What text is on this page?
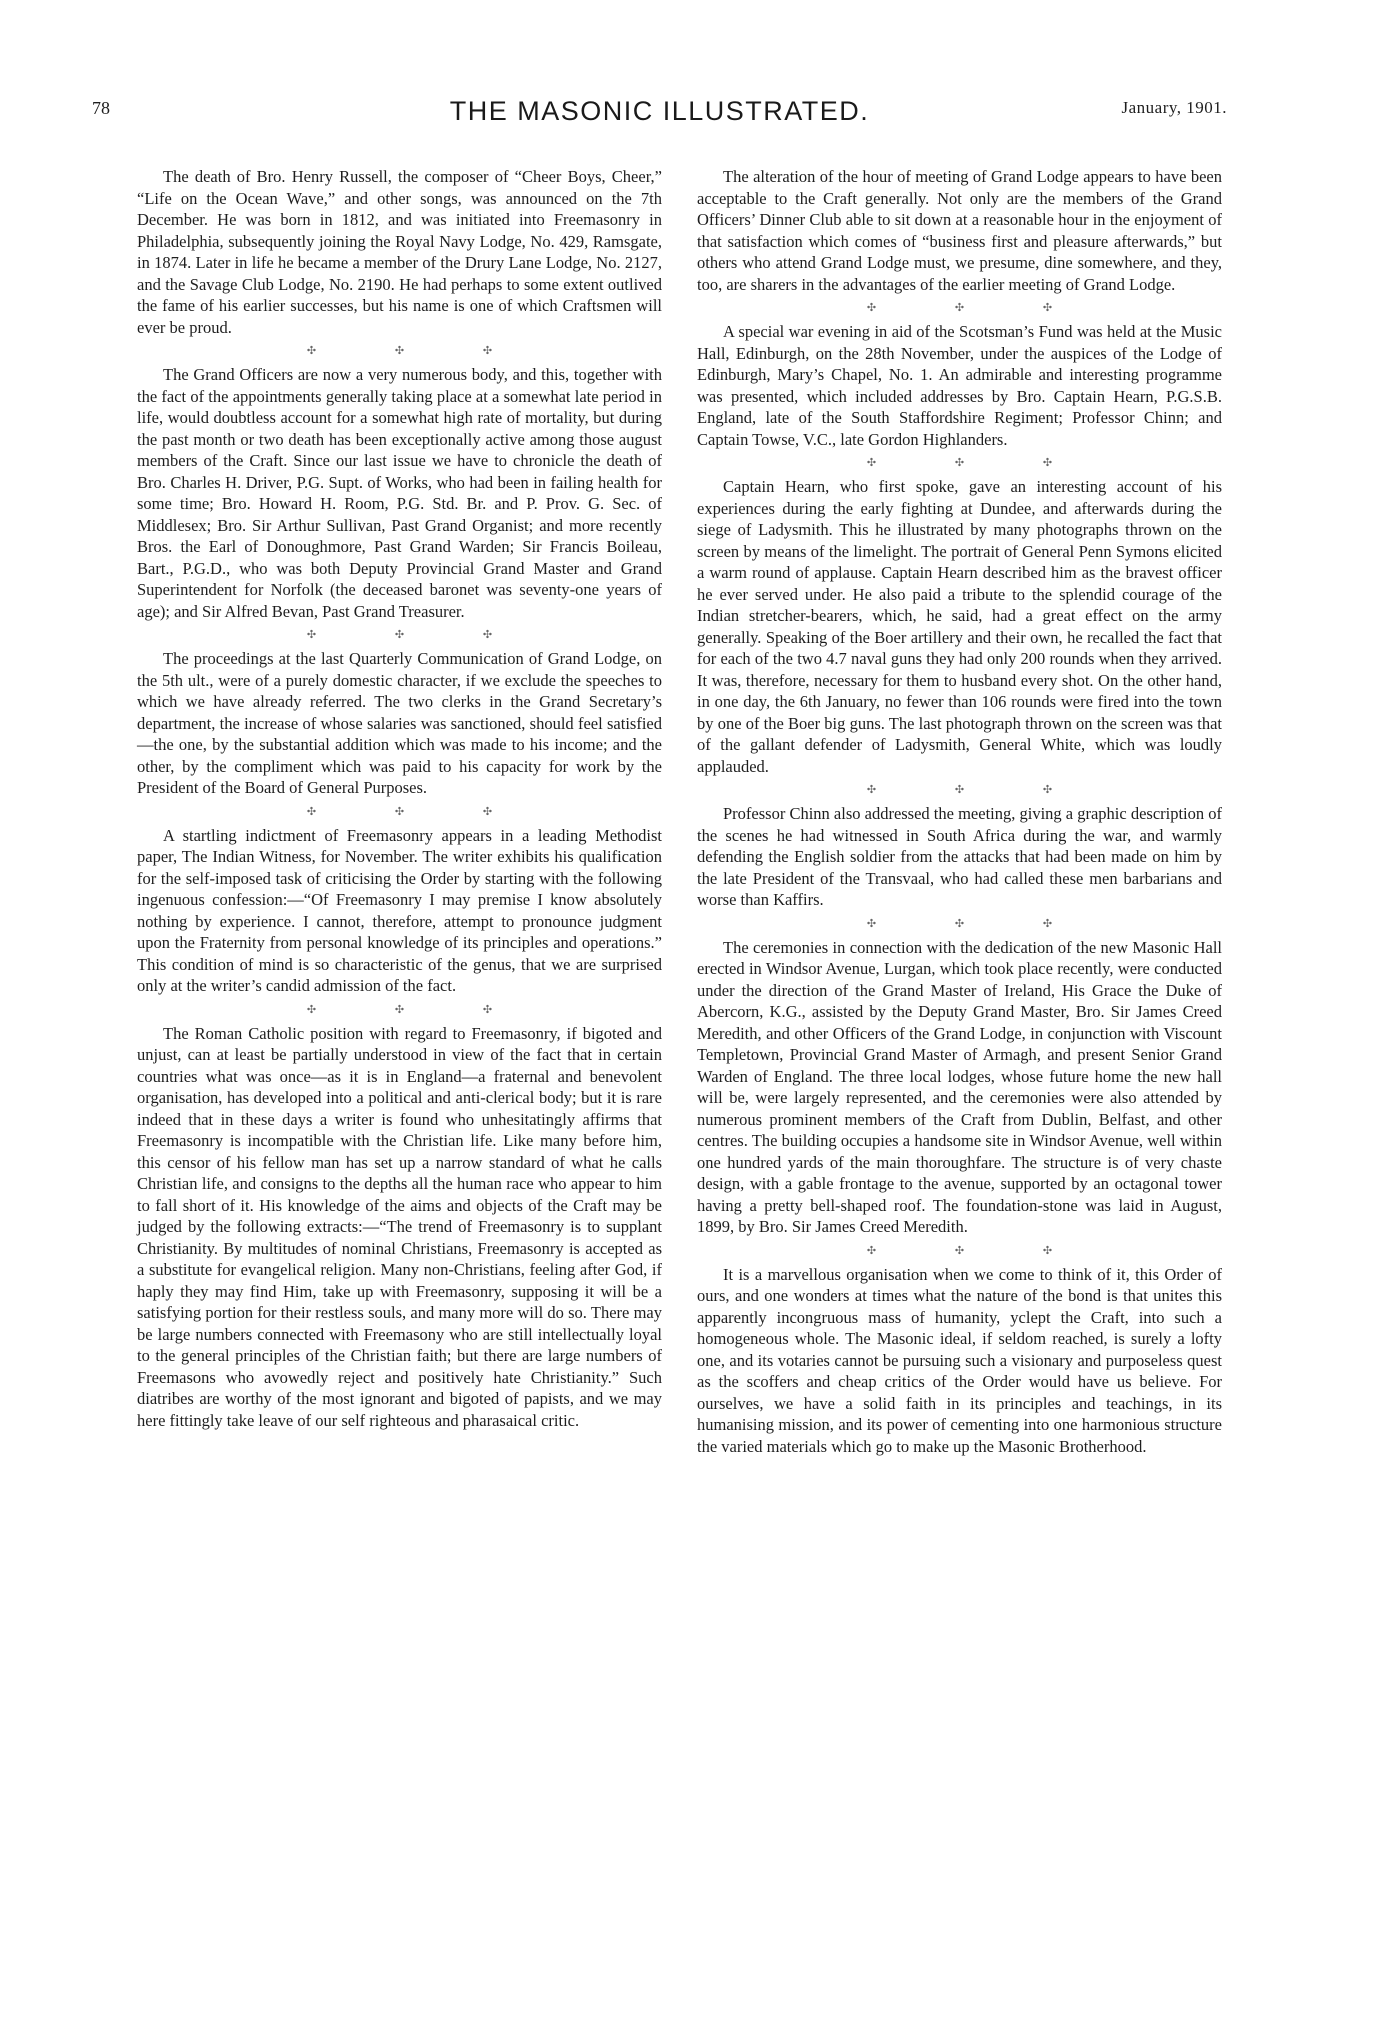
78	THE MASONIC ILLUSTRATED.	January, 1901.

The death of Bro. Henry Russell, the composer of “Cheer Boys, Cheer,” “Life on the Ocean Wave,” and other songs, was announced on the 7th December. He was born in 1812, and was initiated into Freemasonry in Philadelphia, subsequently joining the Royal Navy Lodge, No. 429, Ramsgate, in 1874. Later in life he became a member of the Drury Lane Lodge, No. 2127, and the Savage Club Lodge, No. 2190. He had perhaps to some extent outlived the fame of his earlier successes, but his name is one of which Craftsmen will ever be proud.

✣ ✣ ✣

The Grand Officers are now a very numerous body, and this, together with the fact of the appointments generally taking place at a somewhat late period in life, would doubtless account for a somewhat high rate of mortality, but during the past month or two death has been exceptionally active among those august members of the Craft. Since our last issue we have to chronicle the death of Bro. Charles H. Driver, P.G. Supt. of Works, who had been in failing health for some time; Bro. Howard H. Room, P.G. Std. Br. and P. Prov. G. Sec. of Middlesex; Bro. Sir Arthur Sullivan, Past Grand Organist; and more recently Bros. the Earl of Donoughmore, Past Grand Warden; Sir Francis Boileau, Bart., P.G.D., who was both Deputy Provincial Grand Master and Grand Superintendent for Norfolk (the deceased baronet was seventy-one years of age); and Sir Alfred Bevan, Past Grand Treasurer.

✣ ✣ ✣

The proceedings at the last Quarterly Communication of Grand Lodge, on the 5th ult., were of a purely domestic character, if we exclude the speeches to which we have already referred. The two clerks in the Grand Secretary’s department, the increase of whose salaries was sanctioned, should feel satisfied—the one, by the substantial addition which was made to his income; and the other, by the compliment which was paid to his capacity for work by the President of the Board of General Purposes.

✣ ✣ ✣

A startling indictment of Freemasonry appears in a leading Methodist paper, The Indian Witness, for November. The writer exhibits his qualification for the self-imposed task of criticising the Order by starting with the following ingenuous confession:—“Of Freemasonry I may premise I know absolutely nothing by experience. I cannot, therefore, attempt to pronounce judgment upon the Fraternity from personal knowledge of its principles and operations.” This condition of mind is so characteristic of the genus, that we are surprised only at the writer’s candid admission of the fact.

✣ ✣ ✣

The Roman Catholic position with regard to Freemasonry, if bigoted and unjust, can at least be partially understood in view of the fact that in certain countries what was once—as it is in England—a fraternal and benevolent organisation, has developed into a political and anti-clerical body; but it is rare indeed that in these days a writer is found who unhesitatingly affirms that Freemasonry is incompatible with the Christian life. Like many before him, this censor of his fellow man has set up a narrow standard of what he calls Christian life, and consigns to the depths all the human race who appear to him to fall short of it. His knowledge of the aims and objects of the Craft may be judged by the following extracts:—“The trend of Freemasonry is to supplant Christianity. By multitudes of nominal Christians, Freemasonry is accepted as a substitute for evangelical religion. Many non-Christians, feeling after God, if haply they may find Him, take up with Freemasonry, supposing it will be a satisfying portion for their restless souls, and many more will do so. There may be large numbers connected with Freemasony who are still intellectually loyal to the general principles of the Christian faith; but there are large numbers of Freemasons who avowedly reject and positively hate Christianity.” Such diatribes are worthy of the most ignorant and bigoted of papists, and we may here fittingly take leave of our self righteous and pharasaical critic.

The alteration of the hour of meeting of Grand Lodge appears to have been acceptable to the Craft generally. Not only are the members of the Grand Officers’ Dinner Club able to sit down at a reasonable hour in the enjoyment of that satisfaction which comes of “business first and pleasure afterwards,” but others who attend Grand Lodge must, we presume, dine somewhere, and they, too, are sharers in the advantages of the earlier meeting of Grand Lodge.

✣ ✣ ✣

A special war evening in aid of the Scotsman’s Fund was held at the Music Hall, Edinburgh, on the 28th November, under the auspices of the Lodge of Edinburgh, Mary’s Chapel, No. 1. An admirable and interesting programme was presented, which included addresses by Bro. Captain Hearn, P.G.S.B. England, late of the South Staffordshire Regiment; Professor Chinn; and Captain Towse, V.C., late Gordon Highlanders.

✣ ✣ ✣

Captain Hearn, who first spoke, gave an interesting account of his experiences during the early fighting at Dundee, and afterwards during the siege of Ladysmith. This he illustrated by many photographs thrown on the screen by means of the limelight. The portrait of General Penn Symons elicited a warm round of applause. Captain Hearn described him as the bravest officer he ever served under. He also paid a tribute to the splendid courage of the Indian stretcher-bearers, which, he said, had a great effect on the army generally. Speaking of the Boer artillery and their own, he recalled the fact that for each of the two 4.7 naval guns they had only 200 rounds when they arrived. It was, therefore, necessary for them to husband every shot. On the other hand, in one day, the 6th January, no fewer than 106 rounds were fired into the town by one of the Boer big guns. The last photograph thrown on the screen was that of the gallant defender of Ladysmith, General White, which was loudly applauded.

✣ ✣ ✣

Professor Chinn also addressed the meeting, giving a graphic description of the scenes he had witnessed in South Africa during the war, and warmly defending the English soldier from the attacks that had been made on him by the late President of the Transvaal, who had called these men barbarians and worse than Kaffirs.

✣ ✣ ✣

The ceremonies in connection with the dedication of the new Masonic Hall erected in Windsor Avenue, Lurgan, which took place recently, were conducted under the direction of the Grand Master of Ireland, His Grace the Duke of Abercorn, K.G., assisted by the Deputy Grand Master, Bro. Sir James Creed Meredith, and other Officers of the Grand Lodge, in conjunction with Viscount Templetown, Provincial Grand Master of Armagh, and present Senior Grand Warden of England. The three local lodges, whose future home the new hall will be, were largely represented, and the ceremonies were also attended by numerous prominent members of the Craft from Dublin, Belfast, and other centres. The building occupies a handsome site in Windsor Avenue, well within one hundred yards of the main thoroughfare. The structure is of very chaste design, with a gable frontage to the avenue, supported by an octagonal tower having a pretty bell-shaped roof. The foundation-stone was laid in August, 1899, by Bro. Sir James Creed Meredith.

✣ ✣ ✣

It is a marvellous organisation when we come to think of it, this Order of ours, and one wonders at times what the nature of the bond is that unites this apparently incongruous mass of humanity, yclept the Craft, into such a homogeneous whole. The Masonic ideal, if seldom reached, is surely a lofty one, and its votaries cannot be pursuing such a visionary and purposeless quest as the scoffers and cheap critics of the Order would have us believe. For ourselves, we have a solid faith in its principles and teachings, in its humanising mission, and its power of cementing into one harmonious structure the varied materials which go to make up the Masonic Brotherhood.
